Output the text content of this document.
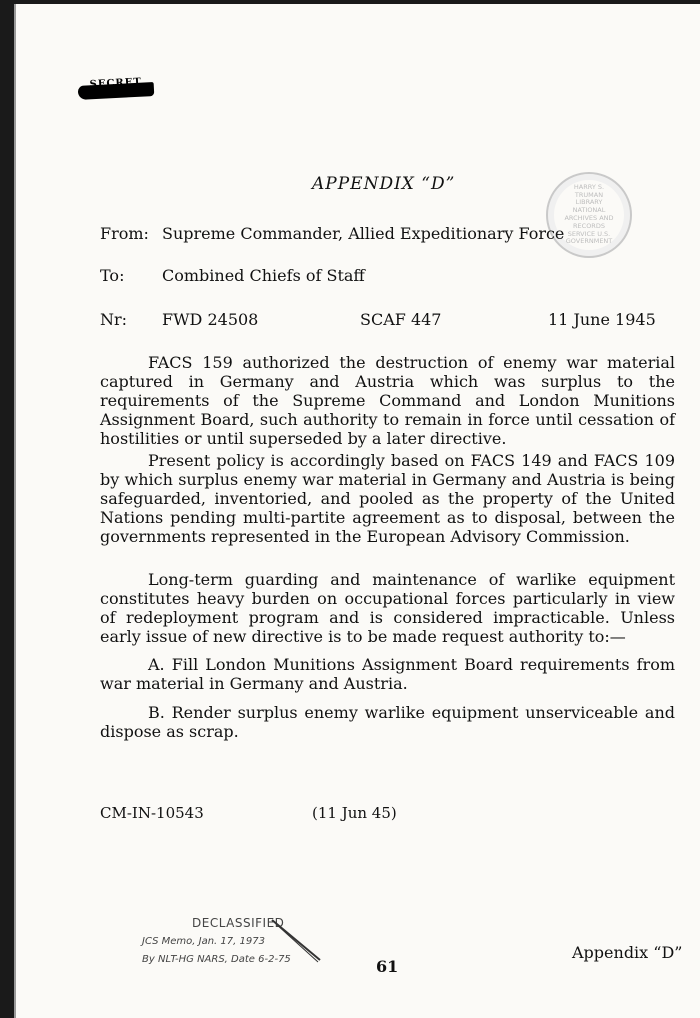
SECRET
APPENDIX “D”	HARRY S. TRUMAN LIBRARY NATIONAL ARCHIVES AND RECORDS SERVICE U.S. GOVERNMENT
From: Supreme Commander, Allied Expeditionary Force
To: Combined Chiefs of Staff
Nr: FWD 24508	SCAF 447	11 June 1945
FACS 159 authorized the destruction of enemy war material captured in Germany and Austria which was surplus to the requirements of the Supreme Command and London Munitions Assignment Board, such authority to remain in force until cessation of hostilities or until superseded by a later directive.
Present policy is accordingly based on FACS 149 and FACS 109 by which surplus enemy war material in Germany and Austria is being safeguarded, inventoried, and pooled as the property of the United Nations pending multi-partite agreement as to disposal, between the governments represented in the European Advisory Commission.
Long-term guarding and maintenance of warlike equipment constitutes heavy burden on occupational forces particularly in view of redeployment program and is considered impracticable. Unless early issue of new directive is to be made request authority to:—
A. Fill London Munitions Assignment Board requirements from war material in Germany and Austria.
B. Render surplus enemy warlike equipment unserviceable and dispose as scrap.
CM-IN-10543	(11 Jun 45)
DECLASSIFIED
JCS Memo, Jan. 17, 1973
By NLT-HG NARS, Date 6-2-75	61
Appendix “D”
